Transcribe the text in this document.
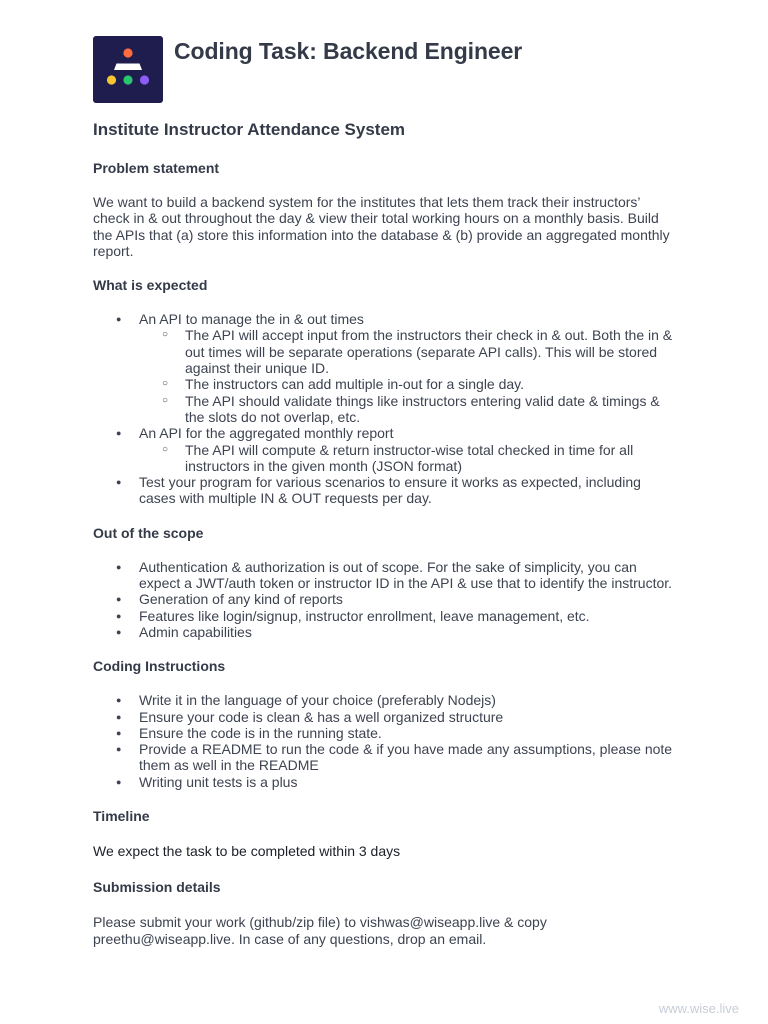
Coding Task: Backend Engineer
Institute Instructor Attendance System
Problem statement

We want to build a backend system for the institutes that lets them track their instructors’ check in & out throughout the day & view their total working hours on a monthly basis. Build the APIs that (a) store this information into the database & (b) provide an aggregated monthly report.

What is expected
● An API to manage the in & out times
○ The API will accept input from the instructors their check in & out. Both the in & out times will be separate operations (separate API calls). This will be stored against their unique ID.
○ The instructors can add multiple in-out for a single day.
○ The API should validate things like instructors entering valid date & timings & the slots do not overlap, etc.
● An API for the aggregated monthly report
○ The API will compute & return instructor-wise total checked in time for all instructors in the given month (JSON format)
● Test your program for various scenarios to ensure it works as expected, including cases with multiple IN & OUT requests per day.
Out of the scope
● Authentication & authorization is out of scope. For the sake of simplicity, you can expect a JWT/auth token or instructor ID in the API & use that to identify the instructor.
● Generation of any kind of reports
● Features like login/signup, instructor enrollment, leave management, etc.
● Admin capabilities
Coding Instructions
● Write it in the language of your choice (preferably Nodejs)
● Ensure your code is clean & has a well organized structure
● Ensure the code is in the running state.
● Provide a README to run the code & if you have made any assumptions, please note them as well in the README
● Writing unit tests is a plus
Timeline

We expect the task to be completed within 3 days

Submission details

Please submit your work (github/zip file) to vishwas@wiseapp.live & copy preethu@wiseapp.live. In case of any questions, drop an email.

www.wise.live
